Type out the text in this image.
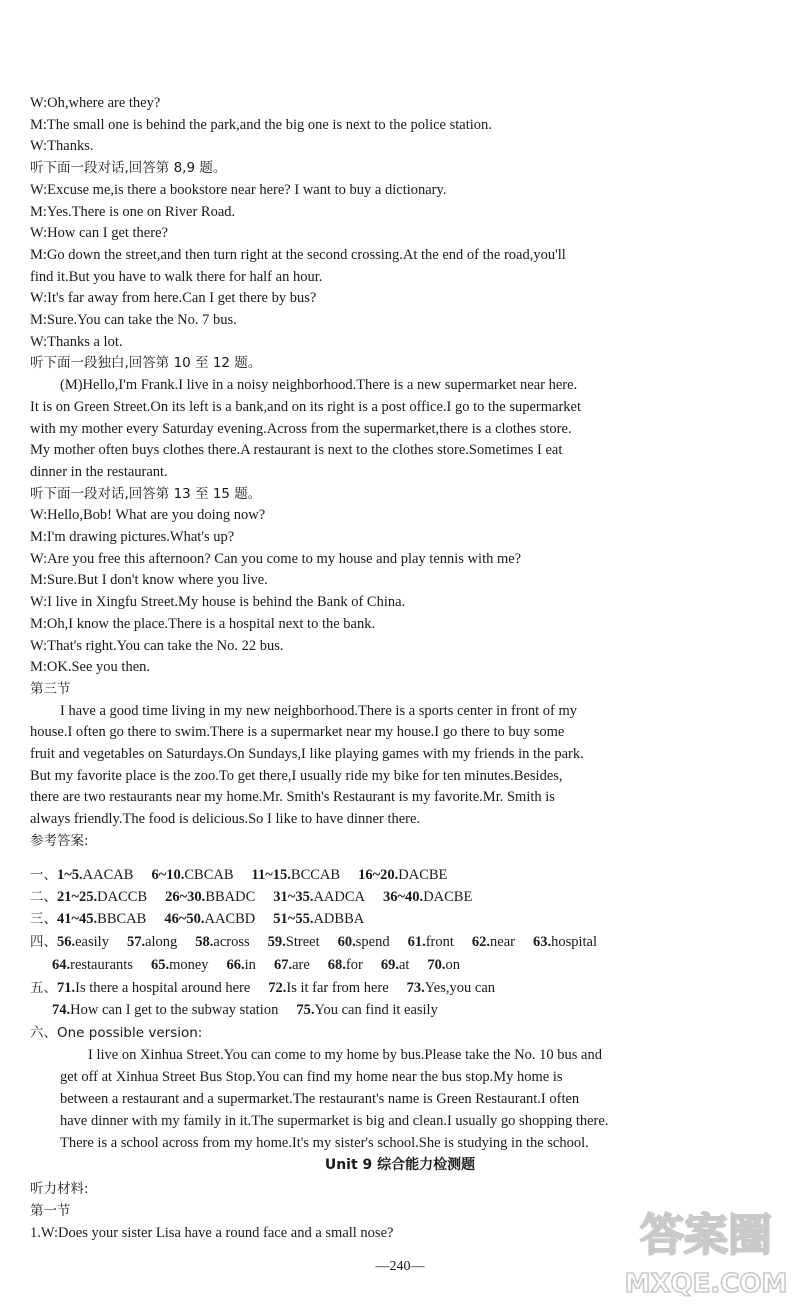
W:Oh,where are they?
M:The small one is behind the park,and the big one is next to the police station.
W:Thanks.
听下面一段对话,回答第 8,9 题。
W:Excuse me,is there a bookstore near here? I want to buy a dictionary.
M:Yes.There is one on River Road.
W:How can I get there?
M:Go down the street,and then turn right at the second crossing.At the end of the road,you'll
find it.But you have to walk there for half an hour.
W:It's far away from here.Can I get there by bus?
M:Sure.You can take the No. 7 bus.
W:Thanks a lot.
听下面一段独白,回答第 10 至 12 题。
(M)Hello,I'm Frank.I live in a noisy neighborhood.There is a new supermarket near here.
It is on Green Street.On its left is a bank,and on its right is a post office.I go to the supermarket
with my mother every Saturday evening.Across from the supermarket,there is a clothes store.
My mother often buys clothes there.A restaurant is next to the clothes store.Sometimes I eat
dinner in the restaurant.
听下面一段对话,回答第 13 至 15 题。
W:Hello,Bob! What are you doing now?
M:I'm drawing pictures.What's up?
W:Are you free this afternoon? Can you come to my house and play tennis with me?
M:Sure.But I don't know where you live.
W:I live in Xingfu Street.My house is behind the Bank of China.
M:Oh,I know the place.There is a hospital next to the bank.
W:That's right.You can take the No. 22 bus.
M:OK.See you then.
第三节
I have a good time living in my new neighborhood.There is a sports center in front of my
house.I often go there to swim.There is a supermarket near my house.I go there to buy some
fruit and vegetables on Saturdays.On Sundays,I like playing games with my friends in the park.
But my favorite place is the zoo.To get there,I usually ride my bike for ten minutes.Besides,
there are two restaurants near my home.Mr. Smith's Restaurant is my favorite.Mr. Smith is
always friendly.The food is delicious.So I like to have dinner there.
参考答案:
一、1~5.AACAB 6~10.CBCAB 11~15.BCCAB 16~20.DACBE
二、21~25.DACCB 26~30.BBADC 31~35.AADCA 36~40.DACBE
三、41~45.BBCAB 46~50.AACBD 51~55.ADBBA
四、56.easily 57.along 58.across 59.Street 60.spend 61.front 62.near 63.hospital
64.restaurants 65.money 66.in 67.are 68.for 69.at 70.on
五、71.Is there a hospital around here 72.Is it far from here 73.Yes,you can
74.How can I get to the subway station 75.You can find it easily
六、One possible version:
I live on Xinhua Street.You can come to my home by bus.Please take the No. 10 bus and
get off at Xinhua Street Bus Stop.You can find my home near the bus stop.My home is
between a restaurant and a supermarket.The restaurant's name is Green Restaurant.I often
have dinner with my family in it.The supermarket is big and clean.I usually go shopping there.
There is a school across from my home.It's my sister's school.She is studying in the school.
Unit 9 综合能力检测题
听力材料:
第一节
1.W:Does your sister Lisa have a round face and a small nose?
—240—
答案圈
MXQE.COM
